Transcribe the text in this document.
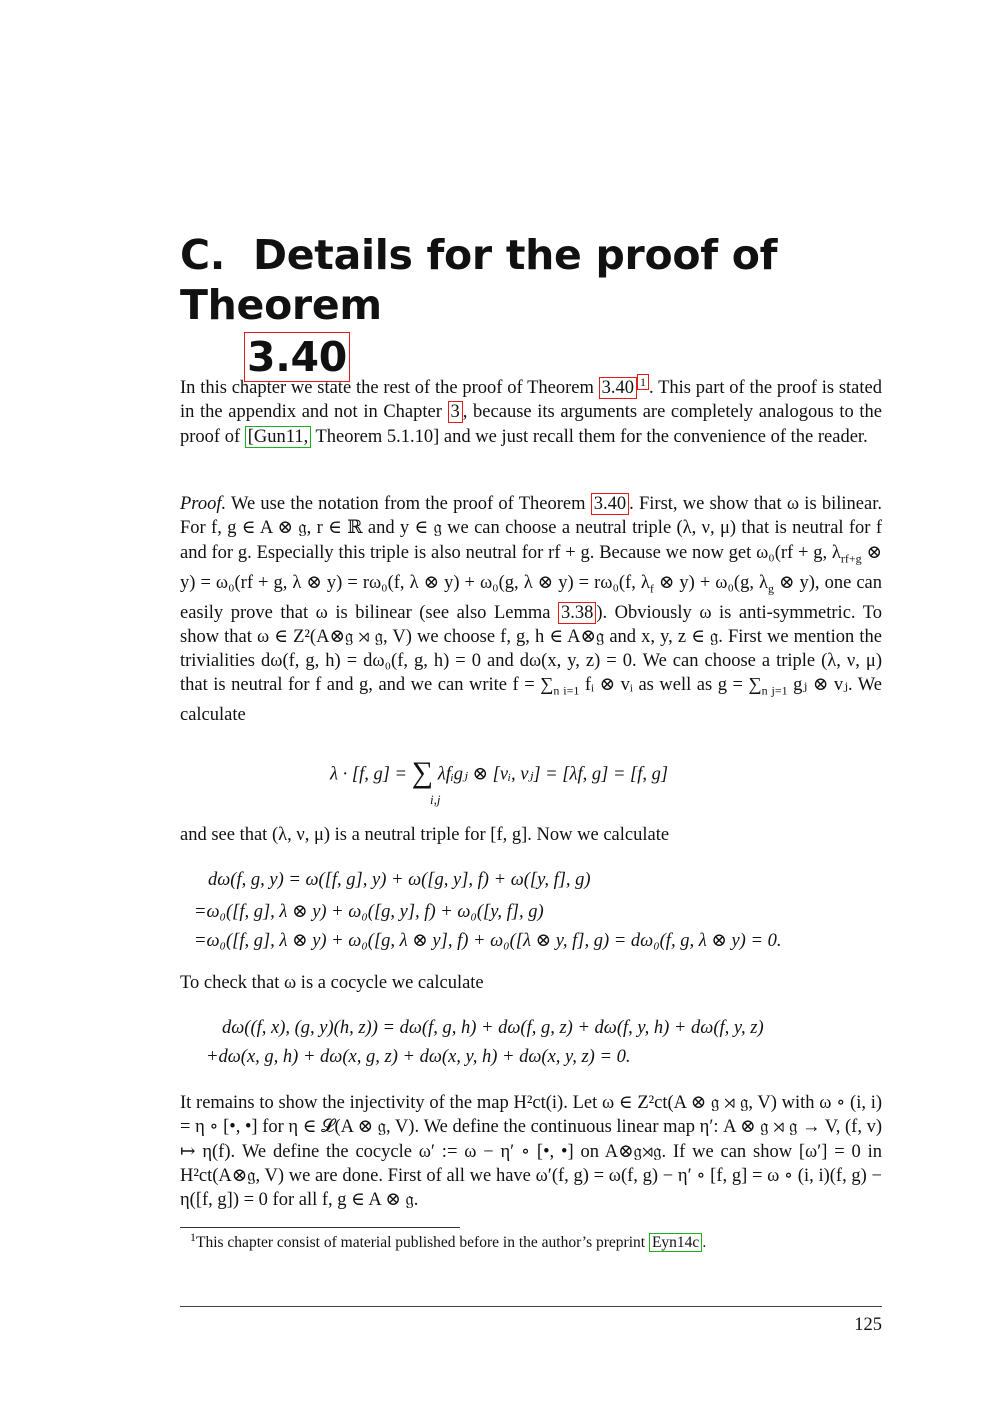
C. Details for the proof of Theorem
3.40

In this chapter we state the rest of the proof of Theorem 3.40 $^1$ . This part of the proof is stated in the appendix and not in Chapter 3 , because its arguments are completely analogous to the proof of [Gun11, Theorem 5.1.10] and we just recall them for the convenience of the reader.

Proof. We use the notation from the proof of Theorem 3.40 . First, we show that ω is bilinear. For f, g ∈ A ⊗ 𝔤, r ∈ ℝ and y ∈ 𝔤 we can choose a neutral triple (λ, ν, μ) that is neutral for f and for g. Especially this triple is also neutral for rf + g. Because we now get ω₀(rf + g, $\lambda_{rf+g}$ ⊗ y) = ω₀(rf + g, λ ⊗ y) = rω₀(f, λ ⊗ y) + ω₀(g, λ ⊗ y) = rω₀(f, $\lambda_f$ ⊗ y) + ω₀(g, $\lambda_g$ ⊗ y), one can easily prove that ω is bilinear (see also Lemma 3.38 ). Obviously ω is anti-symmetric. To show that ω ∈ Z²(A⊗𝔤 ⋊ 𝔤, V) we choose f, g, h ∈ A⊗𝔤 and x, y, z ∈ 𝔤. First we mention the trivialities dω(f, g, h) = dω₀(f, g, h) = 0 and dω(x, y, z) = 0. We can choose a triple (λ, ν, μ) that is neutral for f and g, and we can write $f = \sum_{n i=1}$ fᵢ ⊗ vᵢ as well as $g = \sum_{n j=1}$ gⱼ ⊗ vⱼ. We calculate

λ · [f, g] = ∑ λfᵢgⱼ ⊗ [vᵢ, vⱼ] = [λf, g] = [f, g]
i,j
and see that (λ, ν, μ) is a neutral triple for [f, g]. Now we calculate
dω(f, g, y) = ω([f, g], y) + ω([g, y], f) + ω([y, f], g)
=ω₀([f, g], λ ⊗ y) + ω₀([g, y], f) + ω₀([y, f], g)
=ω₀([f, g], λ ⊗ y) + ω₀([g, λ ⊗ y], f) + ω₀([λ ⊗ y, f], g) = dω₀(f, g, λ ⊗ y) = 0.
To check that ω is a cocycle we calculate
dω((f, x), (g, y)(h, z)) = dω(f, g, h) + dω(f, g, z) + dω(f, y, h) + dω(f, y, z)
+dω(x, g, h) + dω(x, g, z) + dω(x, y, h) + dω(x, y, z) = 0.

It remains to show the injectivity of the map H²ct(i). Let ω ∈ Z²ct(A ⊗ 𝔤 ⋊ 𝔤, V) with ω ∘ (i, i) = η ∘ [•, •] for η ∈ 𝓛(A ⊗ 𝔤, V). We define the continuous linear map η′: A ⊗ 𝔤 ⋊ 𝔤 → V, (f, v) ↦ η(f). We define the cocycle ω′ := ω − η′ ∘ [•, •] on A⊗𝔤⋊𝔤. If we can show [ω′] = 0 in H²ct(A⊗𝔤, V) we are done. First of all we have ω′(f, g) = ω(f, g) − η′ ∘ [f, g] = ω ∘ (i, i)(f, g) − η([f, g]) = 0 for all f, g ∈ A ⊗ 𝔤.

$^1$This chapter consist of material published before in the author’s preprint Eyn14c .
125
